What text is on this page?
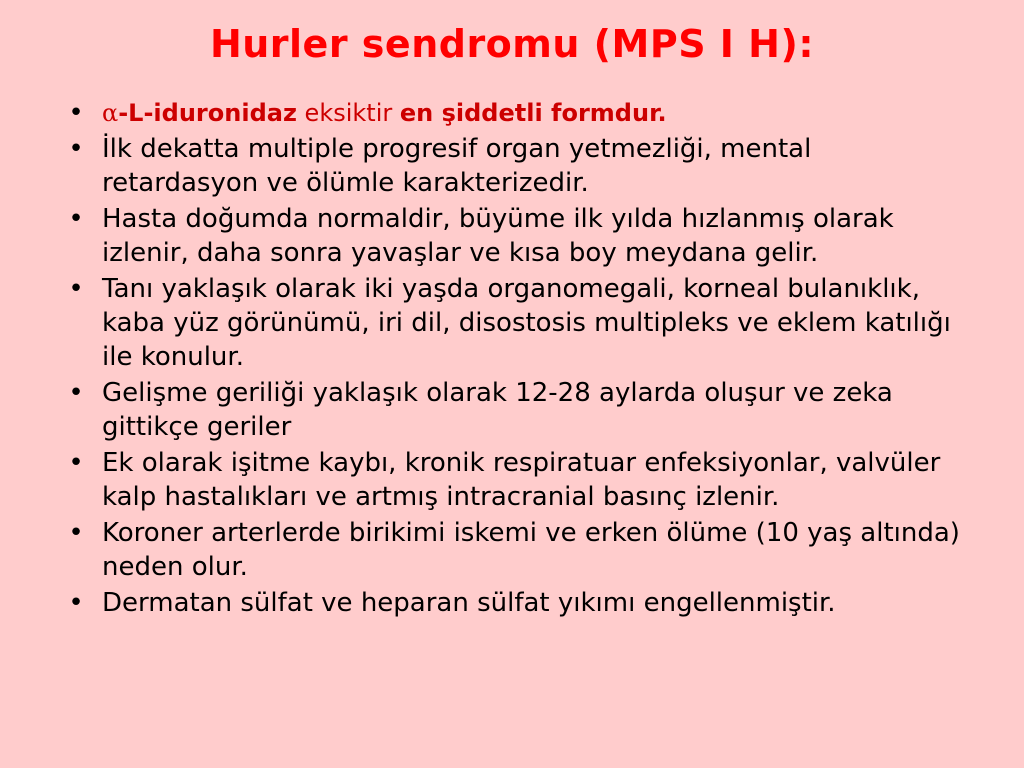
Hurler sendromu (MPS I H):
• α-L-iduronidaz eksiktir en şiddetli formdur.
• İlk dekatta multiple progresif organ yetmezliği, mental retardasyon ve ölümle karakterizedir.
• Hasta doğumda normaldir, büyüme ilk yılda hızlanmış olarak izlenir, daha sonra yavaşlar ve kısa boy meydana gelir.
• Tanı yaklaşık olarak iki yaşda organomegali, korneal bulanıklık, kaba yüz görünümü, iri dil, disostosis multipleks ve eklem katılığı ile konulur.
• Gelişme geriliği yaklaşık olarak 12-28 aylarda oluşur ve zeka gittikçe geriler
• Ek olarak işitme kaybı, kronik respiratuar enfeksiyonlar, valvüler kalp hastalıkları ve artmış intracranial basınç izlenir.
• Koroner arterlerde birikimi iskemi ve erken ölüme (10 yaş altında) neden olur.
• Dermatan sülfat ve heparan sülfat yıkımı engellenmiştir.
